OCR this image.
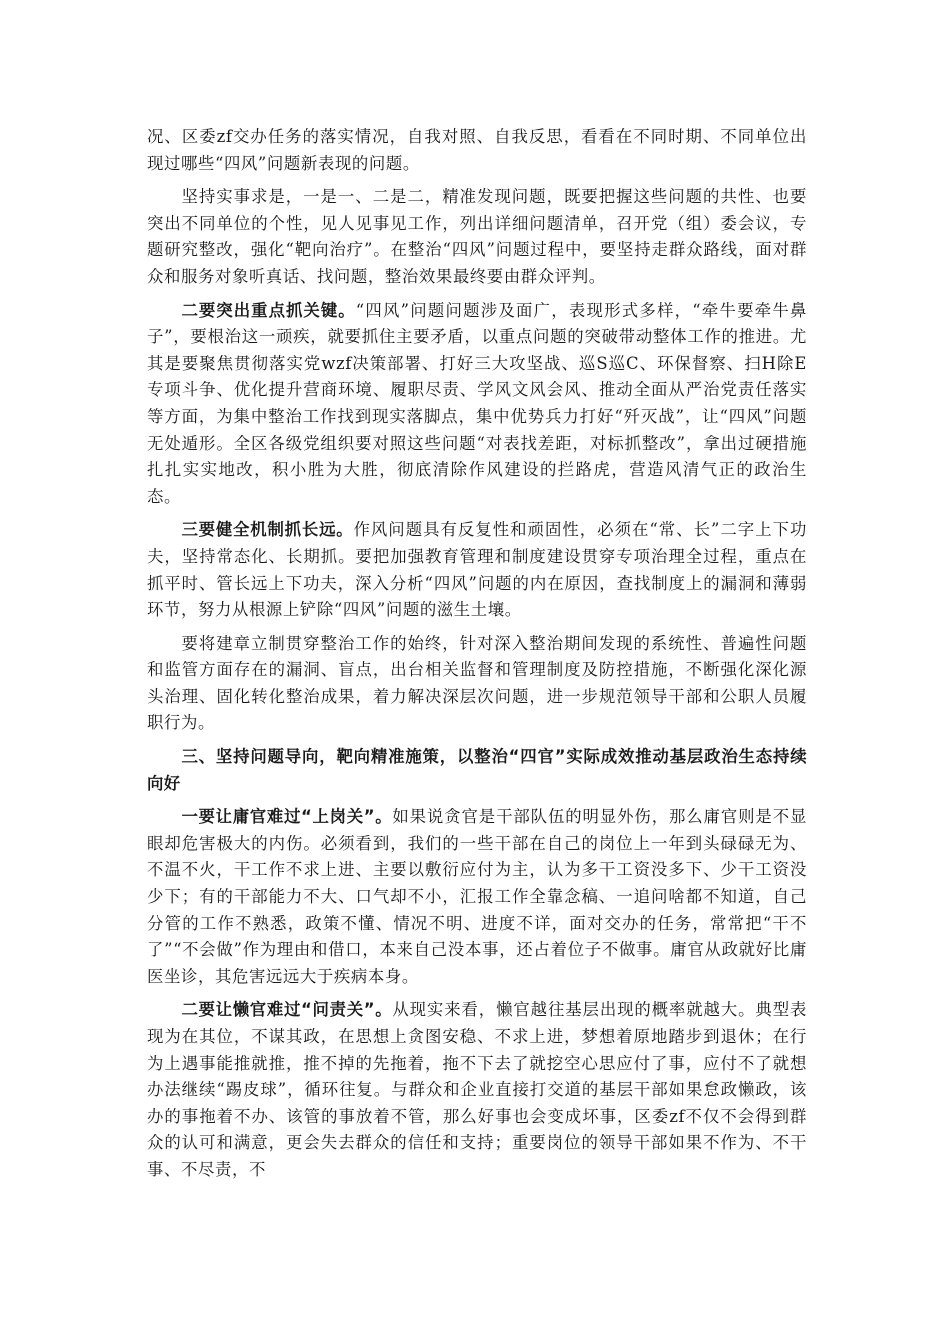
况、区委zf交办任务的落实情况，自我对照、自我反思，看看在不同时期、不同单位出现过哪些“四风”问题新表现的问题。

坚持实事求是，一是一、二是二，精准发现问题，既要把握这些问题的共性、也要突出不同单位的个性，见人见事见工作，列出详细问题清单，召开党（组）委会议，专题研究整改，强化“靶向治疗”。在整治“四风”问题过程中，要坚持走群众路线，面对群众和服务对象听真话、找问题，整治效果最终要由群众评判。

二要突出重点抓关键。“四风”问题问题涉及面广，表现形式多样，“牵牛要牵牛鼻子”，要根治这一顽疾，就要抓住主要矛盾，以重点问题的突破带动整体工作的推进。尤其是要聚焦贯彻落实党wzf决策部署、打好三大攻坚战、巡S巡C、环保督察、扫H除E专项斗争、优化提升营商环境、履职尽责、学风文风会风、推动全面从严治党责任落实等方面，为集中整治工作找到现实落脚点，集中优势兵力打好“歼灭战”，让“四风”问题无处遁形。全区各级党组织要对照这些问题“对表找差距，对标抓整改”，拿出过硬措施扎扎实实地改，积小胜为大胜，彻底清除作风建设的拦路虎，营造风清气正的政治生态。

三要健全机制抓长远。作风问题具有反复性和顽固性，必须在“常、长”二字上下功夫，坚持常态化、长期抓。要把加强教育管理和制度建设贯穿专项治理全过程，重点在抓平时、管长远上下功夫，深入分析“四风”问题的内在原因，查找制度上的漏洞和薄弱环节，努力从根源上铲除“四风”问题的滋生土壤。

要将建章立制贯穿整治工作的始终，针对深入整治期间发现的系统性、普遍性问题和监管方面存在的漏洞、盲点，出台相关监督和管理制度及防控措施，不断强化深化源头治理、固化转化整治成果，着力解决深层次问题，进一步规范领导干部和公职人员履职行为。

三、坚持问题导向，靶向精准施策，以整治“四官”实际成效推动基层政治生态持续向好

一要让庸官难过“上岗关”。如果说贪官是干部队伍的明显外伤，那么庸官则是不显眼却危害极大的内伤。必须看到，我们的一些干部在自己的岗位上一年到头碌碌无为、不温不火，干工作不求上进、主要以敷衍应付为主，认为多干工资没多下、少干工资没少下；有的干部能力不大、口气却不小，汇报工作全靠念稿、一追问啥都不知道，自己分管的工作不熟悉，政策不懂、情况不明、进度不详，面对交办的任务，常常把“干不了”“不会做”作为理由和借口，本来自己没本事，还占着位子不做事。庸官从政就好比庸医坐诊，其危害远远大于疾病本身。

二要让懒官难过“问责关”。从现实来看，懒官越往基层出现的概率就越大。典型表现为在其位，不谋其政，在思想上贪图安稳、不求上进，梦想着原地踏步到退休；在行为上遇事能推就推，推不掉的先拖着，拖不下去了就挖空心思应付了事，应付不了就想办法继续“踢皮球”，循环往复。与群众和企业直接打交道的基层干部如果怠政懒政，该办的事拖着不办、该管的事放着不管，那么好事也会变成坏事，区委zf不仅不会得到群众的认可和满意，更会失去群众的信任和支持；重要岗位的领导干部如果不作为、不干事、不尽责，不
